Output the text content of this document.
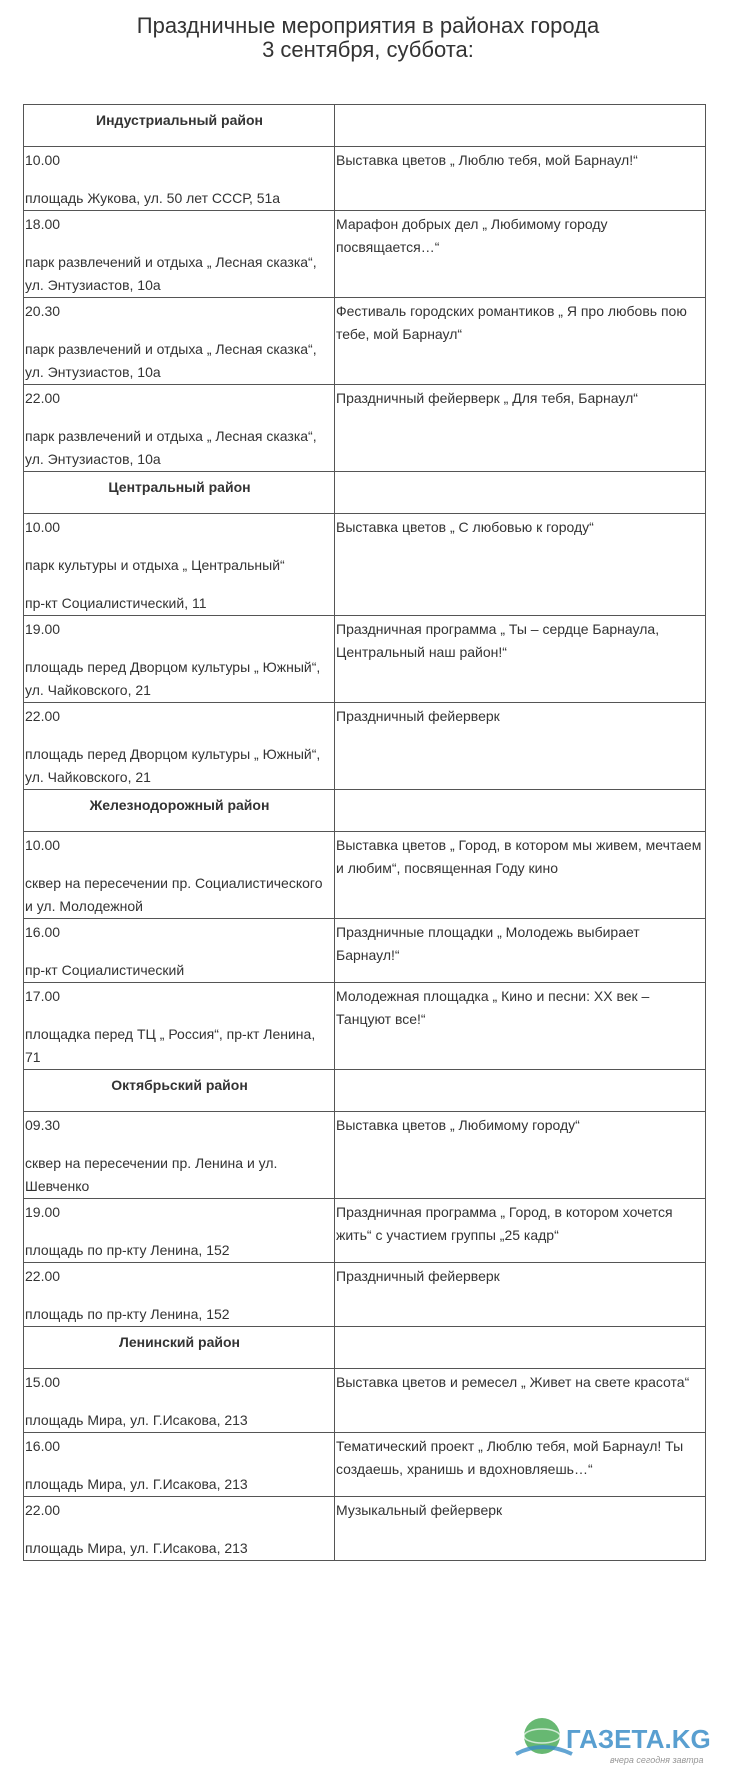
Праздничные мероприятия в районах города
3 сентября, суббота:
Индустриальный район	

10.00
площадь Жукова, ул. 50 лет СССР, 51а	Выставка цветов „ Люблю тебя, мой Барнаул!“

18.00
парк развлечений и отдыха „ Лесная сказка“, ул. Энтузиастов, 10а	Марафон добрых дел „ Любимому городу посвящается…“

20.30
парк развлечений и отдыха „ Лесная сказка“, ул. Энтузиастов, 10а	Фестиваль городских романтиков „ Я про любовь пою тебе, мой Барнаул“

22.00
парк развлечений и отдыха „ Лесная сказка“, ул. Энтузиастов, 10а	Праздничный фейерверк „ Для тебя, Барнаул“

Центральный район	

10.00
парк культуры и отдыха „ Центральный“
пр-кт Социалистический, 11	Выставка цветов „ С любовью к городу“

19.00
площадь перед Дворцом культуры „ Южный“, ул. Чайковского, 21	Праздничная программа „ Ты – сердце Барнаула, Центральный наш район!“

22.00
площадь перед Дворцом культуры „ Южный“, ул. Чайковского, 21	Праздничный фейерверк

Железнодорожный район	

10.00
сквер на пересечении пр. Социалистического и ул. Молодежной	Выставка цветов „ Город, в котором мы живем, мечтаем и любим“, посвященная Году кино

16.00
пр-кт Социалистический	Праздничные площадки „ Молодежь выбирает Барнаул!“

17.00
площадка перед ТЦ „ Россия“, пр-кт Ленина, 71	Молодежная площадка „ Кино и песни: XX век – Танцуют все!“

Октябрьский район	

09.30
сквер на пересечении пр. Ленина и ул. Шевченко	Выставка цветов „ Любимому городу“

19.00
площадь по пр-кту Ленина, 152	Праздничная программа „ Город, в котором хочется жить“ с участием группы „25 кадр“

22.00
площадь по пр-кту Ленина, 152	Праздничный фейерверк

Ленинский район	

15.00
площадь Мира, ул. Г.Исакова, 213	Выставка цветов и ремесел „ Живет на свете красота“

16.00
площадь Мира, ул. Г.Исакова, 213	Тематический проект „ Люблю тебя, мой Барнаул! Ты создаешь, хранишь и вдохновляешь…“

22.00
площадь Мира, ул. Г.Исакова, 213	Музыкальный фейерверк
ГАЗЕТА.KG
вчера сегодня завтра
